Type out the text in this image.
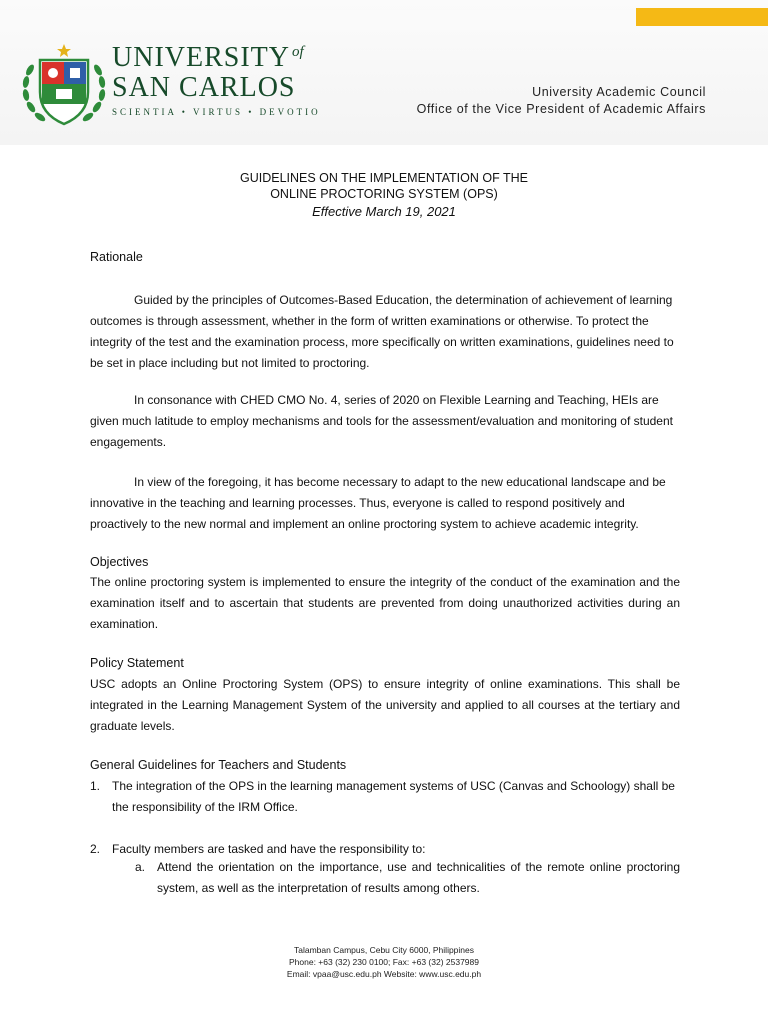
UNIVERSITY $^{of}$
SAN CARLOS
SCIENTIA • VIRTUS • DEVOTIO
University Academic Council
Office of the Vice President of Academic Affairs
GUIDELINES ON THE IMPLEMENTATION OF THE
ONLINE PROCTORING SYSTEM (OPS)
Effective March 19, 2021
Rationale
Guided by the principles of Outcomes-Based Education, the determination of achievement of learning outcomes is through assessment, whether in the form of written examinations or otherwise. To protect the integrity of the test and the examination process, more specifically on written examinations, guidelines need to be set in place including but not limited to proctoring.
In consonance with CHED CMO No. 4, series of 2020 on Flexible Learning and Teaching, HEIs are given much latitude to employ mechanisms and tools for the assessment/evaluation and monitoring of student engagements.
In view of the foregoing, it has become necessary to adapt to the new educational landscape and be innovative in the teaching and learning processes. Thus, everyone is called to respond positively and proactively to the new normal and implement an online proctoring system to achieve academic integrity.
Objectives
The online proctoring system is implemented to ensure the integrity of the conduct of the examination and the examination itself and to ascertain that students are prevented from doing unauthorized activities during an examination.
Policy Statement
USC adopts an Online Proctoring System (OPS) to ensure integrity of online examinations. This shall be integrated in the Learning Management System of the university and applied to all courses at the tertiary and graduate levels.
General Guidelines for Teachers and Students
1. The integration of the OPS in the learning management systems of USC (Canvas and Schoology) shall be the responsibility of the IRM Office.
2. Faculty members are tasked and have the responsibility to:
a. Attend the orientation on the importance, use and technicalities of the remote online proctoring system, as well as the interpretation of results among others.
Talamban Campus, Cebu City 6000, Philippines
Phone: +63 (32) 230 0100; Fax: +63 (32) 2537989
Email: vpaa@usc.edu.ph Website: www.usc.edu.ph
